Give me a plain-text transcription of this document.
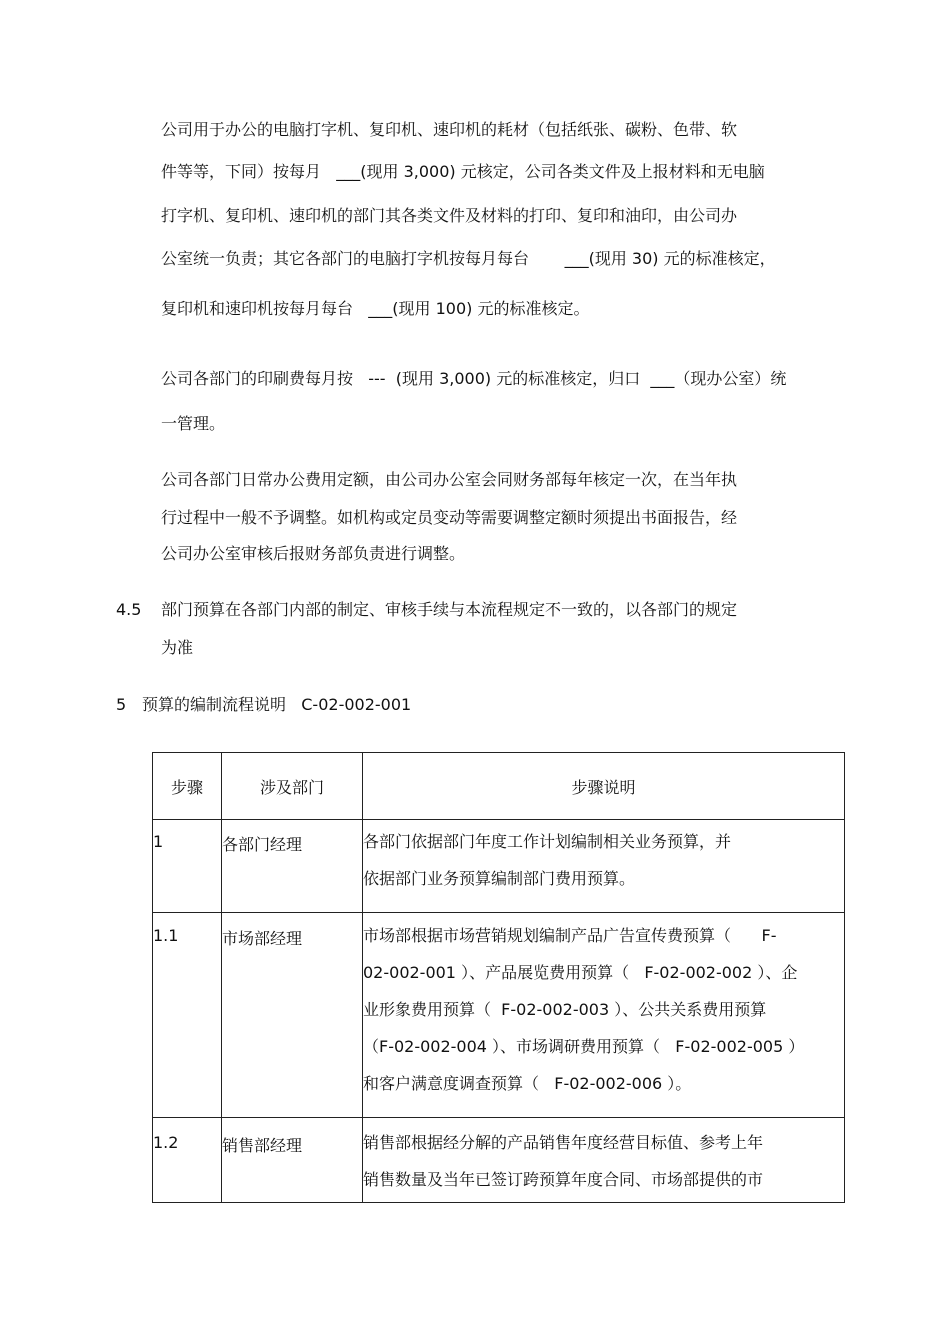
公司用于办公的电脑打字机、复印机、速印机的耗材（包括纸张、碳粉、色带、软
件等等，下同）按每月   ___(现用 3,000) 元核定，公司各类文件及上报材料和无电脑
打字机、复印机、速印机的部门其各类文件及材料的打印、复印和油印，由公司办
公室统一负责；其它各部门的电脑打字机按每月每台       ___(现用 30) 元的标准核定，
复印机和速印机按每月每台   ___(现用 100) 元的标准核定。
公司各部门的印刷费每月按   ---  (现用 3,000) 元的标准核定，归口  ___（现办公室）统
一管理。
公司各部门日常办公费用定额，由公司办公室会同财务部每年核定一次，在当年执
行过程中一般不予调整。如机构或定员变动等需要调整定额时须提出书面报告，经
公司办公室审核后报财务部负责进行调整。
4.5 部门预算在各部门内部的制定、审核手续与本流程规定不一致的，以各部门的规定
为准
5 预算的编制流程说明   C-02-002-001
步骤	涉及部门	步骤说明

1	各部门经理	各部门依据部门年度工作计划编制相关业务预算，并
依据部门业务预算编制部门费用预算。

1.1	市场部经理	市场部根据市场营销规划编制产品广告宣传费预算（      F-
02-002-001 ）、产品展览费用预算（   F-02-002-002 ）、企
业形象费用预算（  F-02-002-003 ）、公共关系费用预算
（F-02-002-004 ）、市场调研费用预算（   F-02-002-005 ）
和客户满意度调查预算（   F-02-002-006 ）。

1.2	销售部经理	销售部根据经分解的产品销售年度经营目标值、参考上年
销售数量及当年已签订跨预算年度合同、市场部提供的市
